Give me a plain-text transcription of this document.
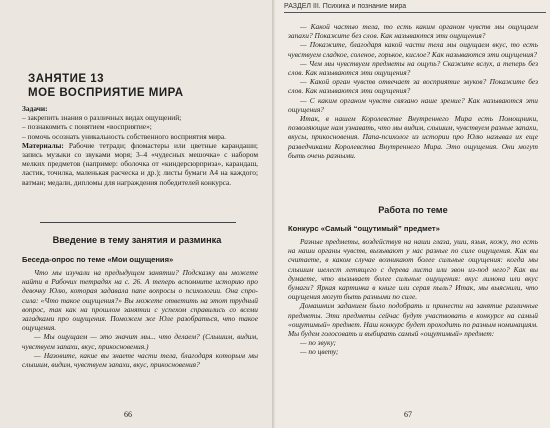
ЗАНЯТИЕ 13
МОЕ ВОСПРИЯТИЕ МИРА

Задачи:

– закрепить знания о различных видах ощущений;

– познакомить с понятием «восприятие»;

– помочь осознать уникальность собственного восприятия мира.

Материалы: Рабочие тетради; фломастеры или цветные карандаши; запись музыки со звуками моря; 3–4 «чудесных мешочка» с набором мелких предметов (например: оболочка от «киндерсюрприза», карандаш, ластик, точилка, маленькая расческа и др.); листы бумаги А4 на каждого; ватман; медали, дипломы для награждения победителей конкурса.

Введение в тему занятия и разминка
Беседа-опрос по теме «Мои ощущения»

Что мы изучали на предыдущем занятии? Подсказку вы можете найти в Рабочих тетрадях на с. 26. А теперь вспомните историю про девочку Юлю, которая задавала папе вопросы о психологии. Она спросила: «Что такое ощущения?» Вы можете ответить на этот трудный вопрос, так как на прошлом занятии с успехом справились со всеми загадками про ощущения. Поможем же Юле разобраться, что такое ощущения.

— Мы ощущаем — это значит мы... что делаем? (Слышим, видим, чувствуем запахи, вкус, прикосновения.)

— Назовите, какие вы знаете части тела, благодаря которым мы слышим, видим, чувствуем запахи, вкус, прикосновения?

66
РАЗДЕЛ III. Психика и познание мира

— Какой частью тела, то есть каким органом чувств мы ощущаем запахи? Покажите без слов. Как называются эти ощущения?

— Покажите, благодаря какой части тела мы ощущаем вкус, то есть чувствуем сладкое, соленое, горькое, кислое? Как называются эти ощущения?

— Чем мы чувствуем предметы на ощупь? Скажите вслух, а теперь без слов. Как называются эти ощущения?

— Какой орган чувств отвечает за восприятие звуков? Покажите без слов. Как называются эти ощущения?

— С каким органом чувств связано наше зрение? Как называются эти ощущения?

Итак, в нашем Королевстве Внутреннего Мира есть Помощники, позволяющие нам узнавать, что мы видим, слышим, чувствуем разные запахи, вкусы, прикосновения. Папа-психолог из истории про Юлю называл их еще разведчиками Королевства Внутреннего Мира. Это ощущения. Они могут быть очень разными.

Работа по теме
Конкурс «Самый “ощутимый” предмет»

Разные предметы, воздействуя на наши глаза, уши, язык, кожу, то есть на наши органы чувств, вызывают у нас разные по силе ощущения. Как вы считаете, в каком случае возникают более сильные ощущения: когда мы слышим шелест летящего с дерева листа или звон из-под него? Как вы думаете, что вызывает более сильные ощущения: вкус лимона или вкус бумаги? Яркая картинка в книге или серая пыль? Итак, мы выяснили, что ощущения могут быть разными по силе.

Домашним заданием было подобрать и принести на занятие различные предметы. Эти предметы сейчас будут участвовать в конкурсе на самый «ощутимый» предмет. Наш конкурс будет проходить по разным номинациям. Мы будем голосовать и выбирать самый «ощутимый» предмет:

— по звуку;

— по цвету;

67
